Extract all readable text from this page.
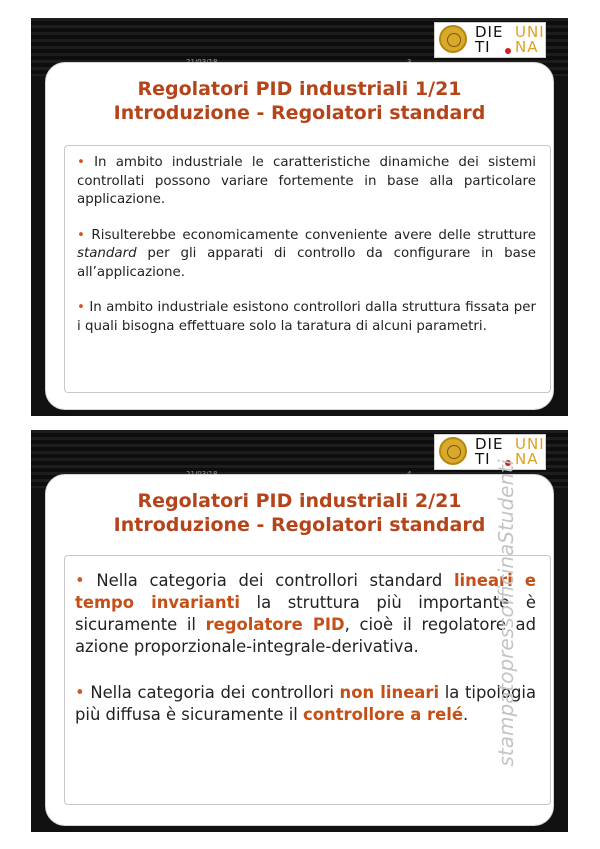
DIE UNI
TI NA
Regolatori PID industriali 1/21
Introduzione - Regolatori standard

• In ambito industriale le caratteristiche dinamiche dei sistemi controllati possono variare fortemente in base alla particolare applicazione.

• Risulterebbe economicamente conveniente avere delle strutture standard per gli apparati di controllo da configurare in base all’applicazione.

• In ambito industriale esistono controllori dalla struttura fissata per i quali bisogna effettuare solo la taratura di alcuni parametri.

DIE UNI
TI NA
Regolatori PID industriali 2/21
Introduzione - Regolatori standard

• Nella categoria dei controllori standard lineari e tempo invarianti la struttura più importante è sicuramente il regolatore PID, cioè il regolatore ad azione proporzionale-integrale-derivativa.

• Nella categoria dei controllori non lineari la tipologia più diffusa è sicuramente il controllore a relé.	stampatopressofficinaStudenti
